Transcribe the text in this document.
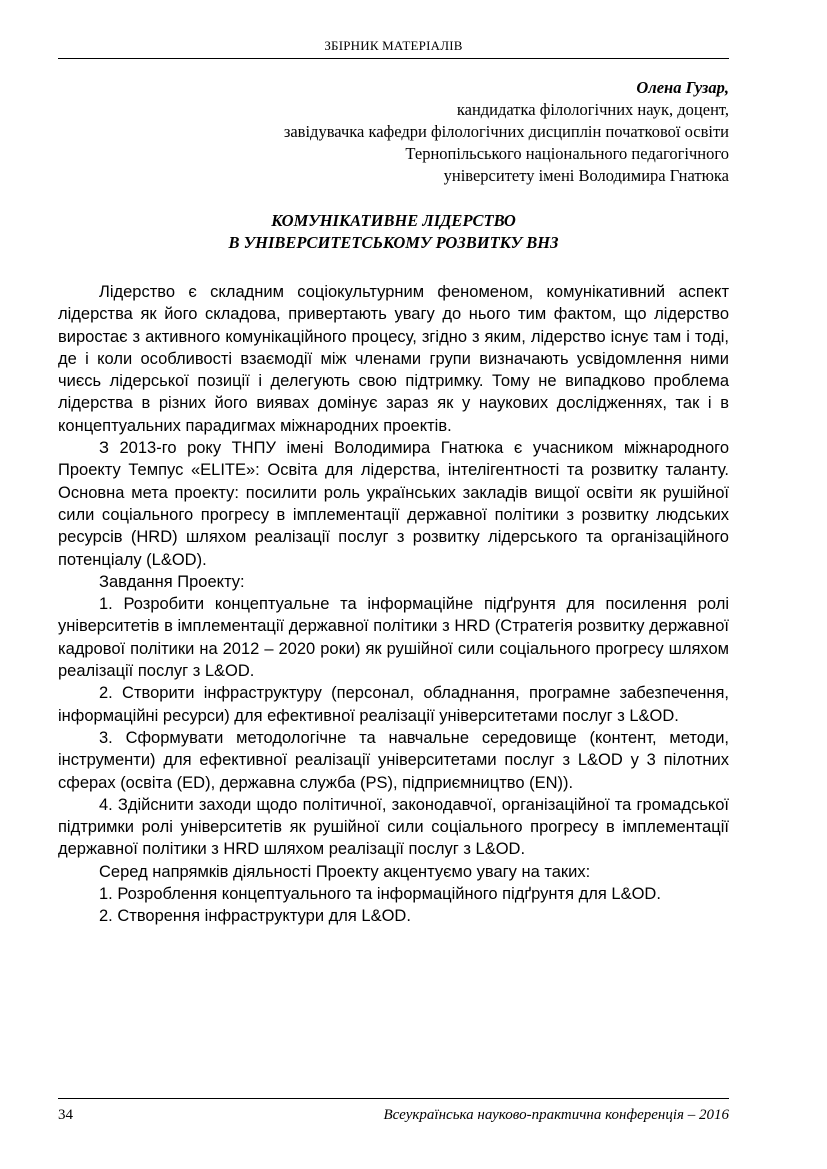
ЗБІРНИК МАТЕРІАЛІВ
Олена Гузар,
кандидатка філологічних наук, доцент,
завідувачка кафедри філологічних дисциплін початкової освіти
Тернопільського національного педагогічного
університету імені Володимира Гнатюка
КОМУНІКАТИВНЕ ЛІДЕРСТВО
В УНІВЕРСИТЕТСЬКОМУ РОЗВИТКУ ВНЗ

Лідерство є складним соціокультурним феноменом, комунікативний аспект лідерства як його складова, привертають увагу до нього тим фактом, що лідерство виростає з активного комунікаційного процесу, згідно з яким, лідерство існує там і тоді, де і коли особливості взаємодії між членами групи визначають усвідомлення ними чиєсь лідерської позиції і делегують свою підтримку. Тому не випадково проблема лідерства в різних його виявах домінує зараз як у наукових дослідженнях, так і в концептуальних парадигмах міжнародних проектів.

З 2013-го року ТНПУ імені Володимира Гнатюка є учасником міжнародного Проекту Темпус «ELITE»: Освіта для лідерства, інтелігентності та розвитку таланту. Основна мета проекту: посилити роль українських закладів вищої освіти як рушійної сили соціального прогресу в імплементації державної політики з розвитку людських ресурсів (HRD) шляхом реалізації послуг з розвитку лідерського та організаційного потенціалу (L&OD).

Завдання Проекту:

1. Розробити концептуальне та інформаційне підґрунтя для посилення ролі університетів в імплементації державної політики з HRD (Стратегія розвитку державної кадрової політики на 2012 – 2020 роки) як рушійної сили соціального прогресу шляхом реалізації послуг з L&OD.

2. Створити інфраструктуру (персонал, обладнання, програмне забезпечення, інформаційні ресурси) для ефективної реалізації університетами послуг з L&OD.

3. Сформувати методологічне та навчальне середовище (контент, методи, інструменти) для ефективної реалізації університетами послуг з L&OD у 3 пілотних сферах (освіта (ED), державна служба (PS), підприємництво (EN)).

4. Здійснити заходи щодо політичної, законодавчої, організаційної та громадської підтримки ролі університетів як рушійної сили соціального прогресу в імплементації державної політики з HRD шляхом реалізації послуг з L&OD.

Серед напрямків діяльності Проекту акцентуємо увагу на таких:

1. Розроблення концептуального та інформаційного підґрунтя для L&OD.

2. Створення інфраструктури для L&OD.

34	Всеукраїнська науково-практична конференція – 2016
